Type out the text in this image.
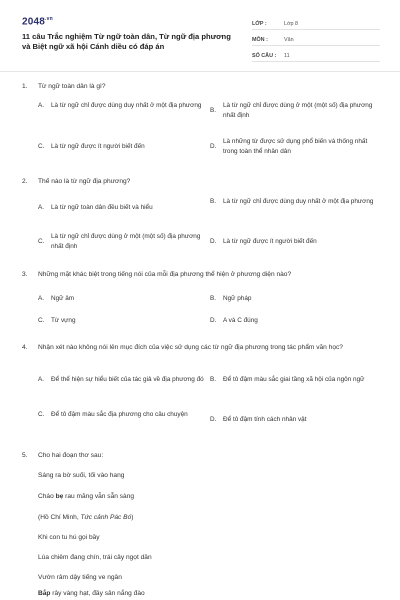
$2048^{.vn}$
11 câu Trắc nghiệm Từ ngữ toàn dân, Từ ngữ địa phương và Biệt ngữ xã hội Cánh diều có đáp án
LỚP :	Lớp 8
MÔN :	Văn
SỐ CÂU :	11
1.	Từ ngữ toàn dân là gì?
A.	Là từ ngữ chỉ được dùng duy nhất ở một địa phương
B.
Là từ ngữ chỉ được dùng ở một (một số) địa phương nhất định
C.	Là từ ngữ được ít người biết đến	D.
Là những từ được sử dụng phổ biến và thống nhất trong toàn thể nhân dân
2.	Thế nào là từ ngữ địa phương?
A.	Là từ ngữ toàn dân đều biết và hiểu
B.	Là từ ngữ chỉ được dùng duy nhất ở một địa phương
C.
Là từ ngữ chỉ được dùng ở một (một số) địa phương nhất định
D.	Là từ ngữ được ít người biết đến
3.	Những mặt khác biệt trong tiếng nói của mỗi địa phương thể hiện ở phương diện nào?
A.	Ngữ âm	B.	Ngữ pháp
C.	Từ vựng	D.	A và C đúng
4.	Nhận xét nào không nói lên mục đích của việc sử dụng các từ ngữ địa phương trong tác phẩm văn học?
A.	Để thể hiện sự hiểu biết của tác giả về địa phương đó B.	Để tô đậm màu sắc giai tầng xã hội của ngôn ngữ
C.	Để tô đậm màu sắc địa phương cho câu chuyện
D.	Để tô đậm tính cách nhân vật
5.	Cho hai đoạn thơ sau:
Sáng ra bờ suối, tối vào hang
Cháo bẹ rau măng vẫn sẵn sàng
(Hồ Chí Minh, Tức cảnh Pác Bó)
Khi con tu hú gọi bầy
Lúa chiêm đang chín, trái cây ngọt dần
Vườn râm dậy tiếng ve ngân
Bắp rây vàng hạt, đầy sân nắng đào
